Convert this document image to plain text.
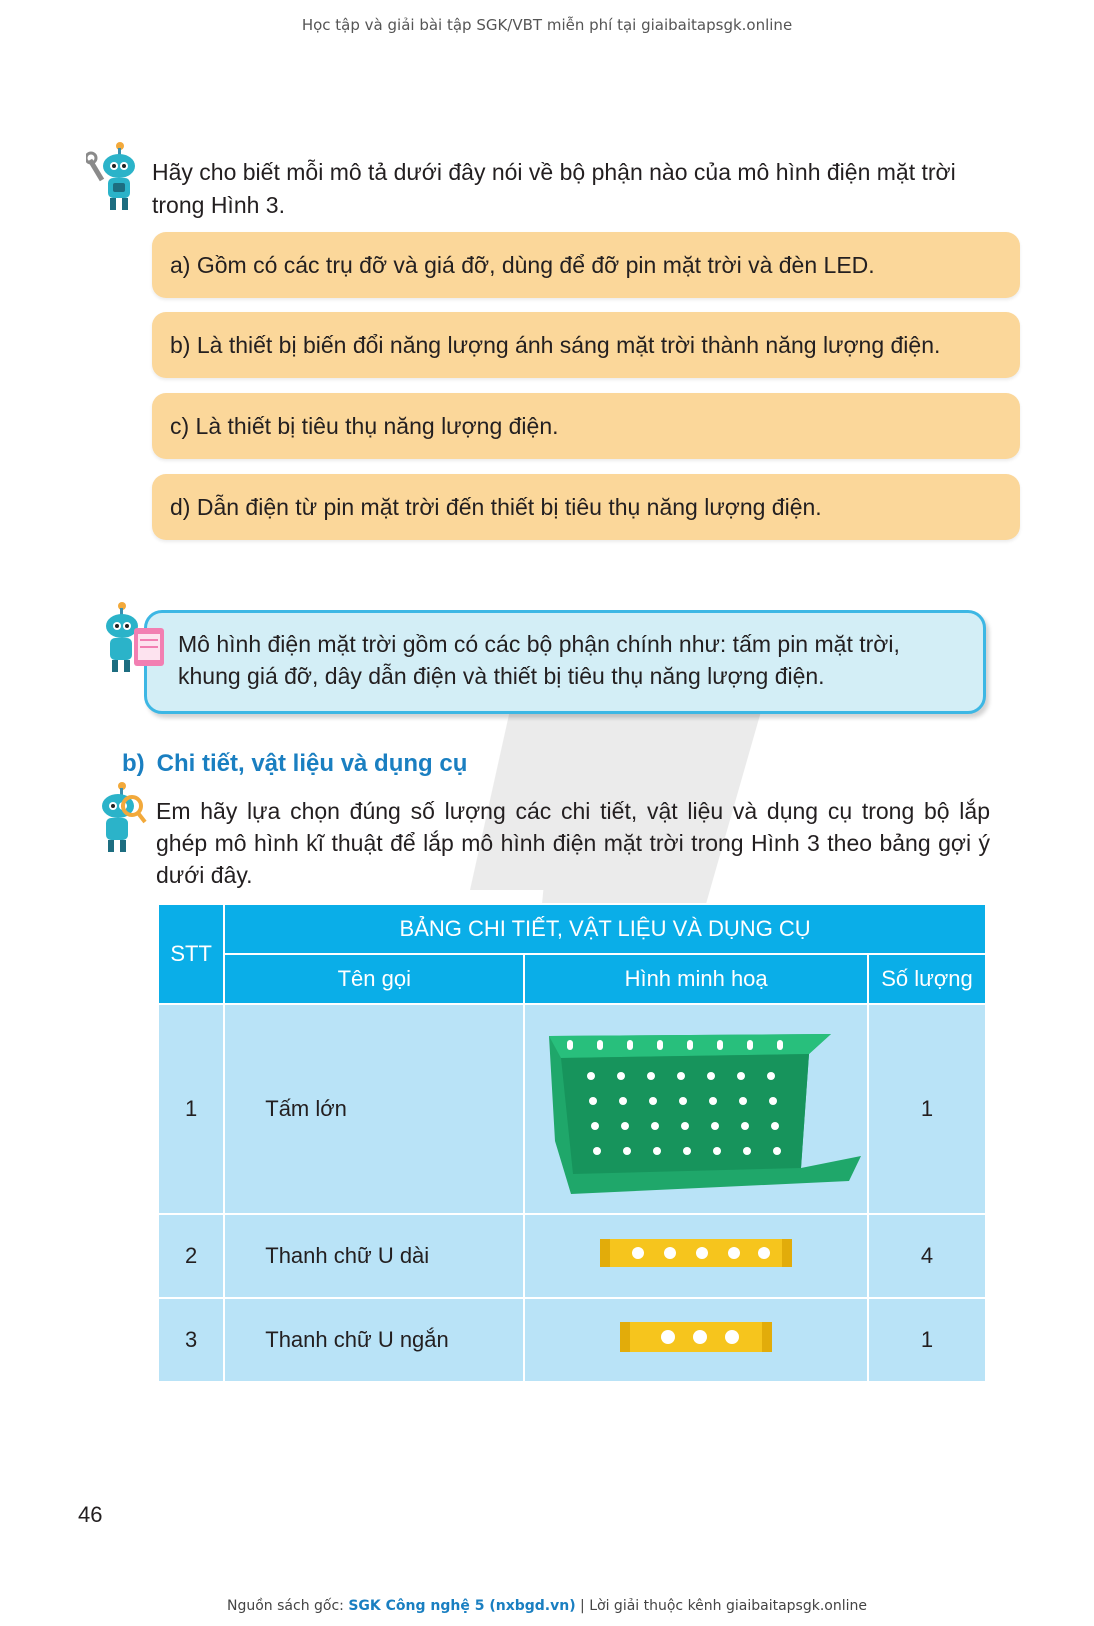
Học tập và giải bài tập SGK/VBT miễn phí tại giaibaitapsgk.online
Hãy cho biết mỗi mô tả dưới đây nói về bộ phận nào của mô hình điện mặt trời trong Hình 3.
a) Gồm có các trụ đỡ và giá đỡ, dùng để đỡ pin mặt trời và đèn LED.
b) Là thiết bị biến đổi năng lượng ánh sáng mặt trời thành năng lượng điện.
c) Là thiết bị tiêu thụ năng lượng điện.
d) Dẫn điện từ pin mặt trời đến thiết bị tiêu thụ năng lượng điện.
Mô hình điện mặt trời gồm có các bộ phận chính như: tấm pin mặt trời, khung giá đỡ, dây dẫn điện và thiết bị tiêu thụ năng lượng điện.
b) Chi tiết, vật liệu và dụng cụ
Em hãy lựa chọn đúng số lượng các chi tiết, vật liệu và dụng cụ trong bộ lắp ghép mô hình kĩ thuật để lắp mô hình điện mặt trời trong Hình 3 theo bảng gợi ý dưới đây.
STT	BẢNG CHI TIẾT, VẬT LIỆU VÀ DỤNG CỤ		
	Tên gọi	Hình minh hoạ	Số lượng
1	Tấm lớn		1
2	Thanh chữ U dài		4
3	Thanh chữ U ngắn		1
46
Nguồn sách gốc: SGK Công nghệ 5 (nxbgd.vn) | Lời giải thuộc kênh giaibaitapsgk.online
